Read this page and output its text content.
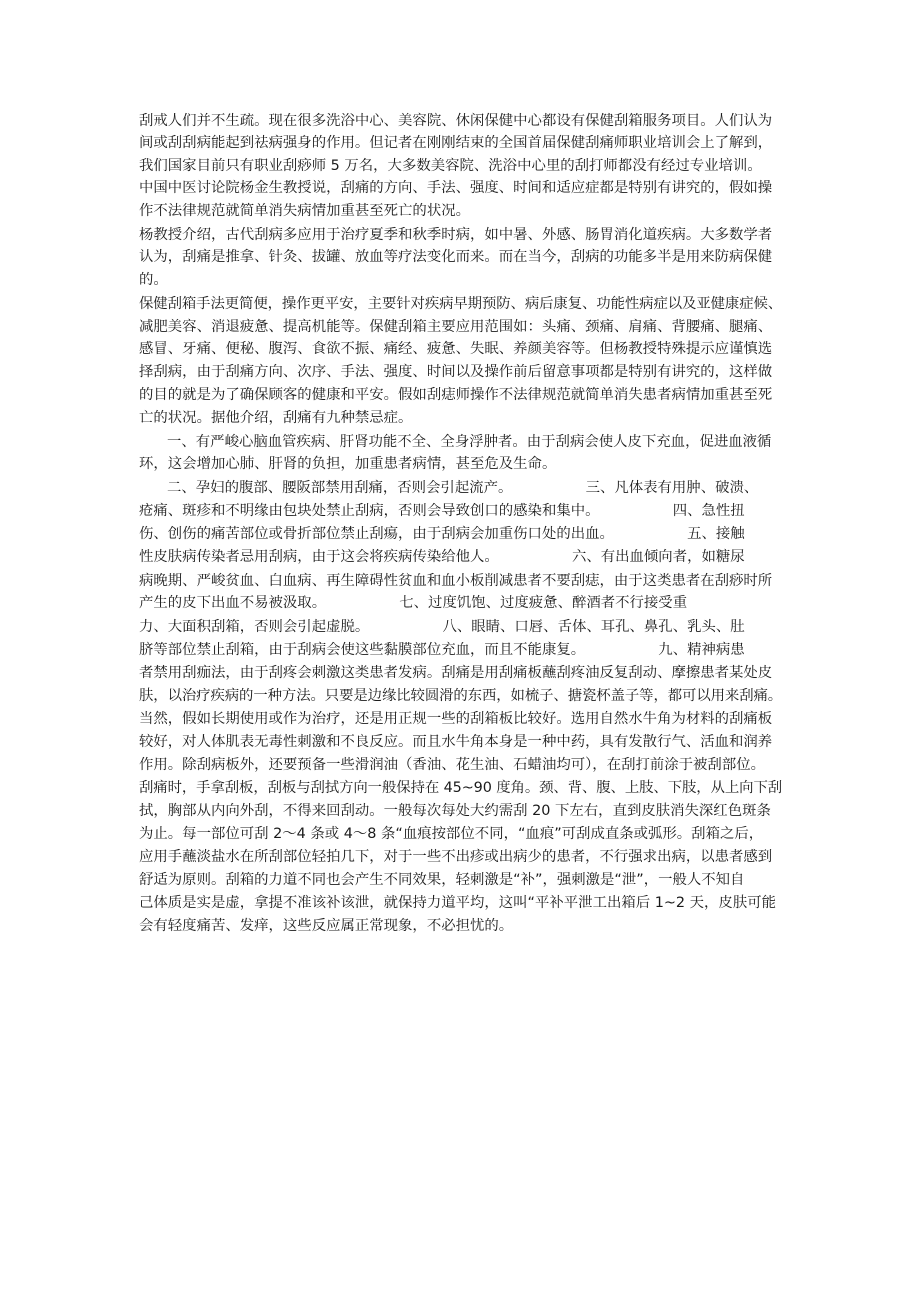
刮戒人们并不生疏。现在很多洗浴中心、美容院、休闲保健中心都设有保健刮箱服务项目。人们认为
间或刮刮病能起到祛病强身的作用。但记者在刚刚结束的全国首届保健刮痛师职业培训会上了解到，
我们国家目前只有职业刮痧师 5 万名，大多数美容院、洗浴中心里的刮打师都没有经过专业培训。
中国中医讨论院杨金生教授说，刮痛的方向、手法、强度、时间和适应症都是特别有讲究的，假如操
作不法律规范就简单消失病情加重甚至死亡的状况。
杨教授介绍，古代刮病多应用于治疗夏季和秋季时病，如中暑、外感、肠胃消化道疾病。大多数学者
认为，刮痛是推拿、针灸、拔罐、放血等疗法变化而来。而在当今，刮病的功能多半是用来防病保健
的。
保健刮箱手法更简便，操作更平安，主要针对疾病早期预防、病后康复、功能性病症以及亚健康症候、
减肥美容、消退疲惫、提高机能等。保健刮箱主要应用范围如：头痛、颈痛、肩痛、背腰痛、腿痛、
感冒、牙痛、便秘、腹泻、食欲不振、痛经、疲惫、失眠、养颜美容等。但杨教授特殊提示应谨慎选
择刮病，由于刮痛方向、次序、手法、强度、时间以及操作前后留意事项都是特别有讲究的，这样做
的目的就是为了确保顾客的健康和平安。假如刮痣师操作不法律规范就简单消失患者病情加重甚至死
亡的状况。据他介绍，刮痛有九种禁忌症。
一、有严峻心脑血管疾病、肝肾功能不全、全身浮肿者。由于刮病会使人皮下充血，促进血液循
环，这会增加心肺、肝肾的负担，加重患者病情，甚至危及生命。
二、孕妇的腹部、腰阪部禁用刮痛，否则会引起流产。                三、凡体表有用肿、破溃、
疮痛、斑疹和不明缘由包块处禁止刮病，否则会导致创口的感染和集中。                四、急性扭
伤、创伤的痛苦部位或骨折部位禁止刮瘍，由于刮病会加重伤口处的出血。                五、接触
性皮肤病传染者忌用刮病，由于这会将疾病传染给他人。                六、有出血倾向者，如糖尿
病晚期、严峻贫血、白血病、再生障碍性贫血和血小板削减患者不要刮痣，由于这类患者在刮痧时所
产生的皮下出血不易被汲取。                七、过度饥饱、过度疲惫、醉酒者不行接受重
力、大面积刮箱，否则会引起虚脱。                八、眼睛、口唇、舌体、耳孔、鼻孔、乳头、肚
脐等部位禁止刮箱，由于刮病会使这些黏膜部位充血，而且不能康复。                九、精神病患
者禁用刮痂法，由于刮疼会刺激这类患者发病。刮痛是用刮痛板蘸刮疼油反复刮动、摩擦患者某处皮
肤，以治疗疾病的一种方法。只要是边缘比较圆滑的东西，如梳子、搪瓷杯盖子等，都可以用来刮痛。
当然，假如长期使用或作为治疗，还是用正规一些的刮箱板比较好。选用自然水牛角为材料的刮痛板
较好，对人体肌表无毒性刺激和不良反应。而且水牛角本身是一种中药，具有发散行气、活血和润养
作用。除刮病板外，还要预备一些滑润油（香油、花生油、石蜡油均可），在刮打前涂于被刮部位。
刮痛时，手拿刮板，刮板与刮拭方向一般保持在 45~90 度角。颈、背、腹、上肢、下肢，从上向下刮
拭，胸部从内向外刮，不得来回刮动。一般每次每处大约需刮 20 下左右，直到皮肤消失深红色斑条
为止。每一部位可刮 2～4 条或 4～8 条“血痕按部位不同，“血痕”可刮成直条或弧形。刮箱之后，
应用手蘸淡盐水在所刮部位轻拍几下，对于一些不出疹或出病少的患者，不行强求出病，以患者感到
舒适为原则。刮箱的力道不同也会产生不同效果，轻刺激是“补”，强刺激是“泄”，一般人不知自
己体质是实是虚，拿提不准该补该泄，就保持力道平均，这叫“平补平泄工出箱后 1~2 天，皮肤可能
会有轻度痛苦、发痒，这些反应属正常现象，不必担忧的。
